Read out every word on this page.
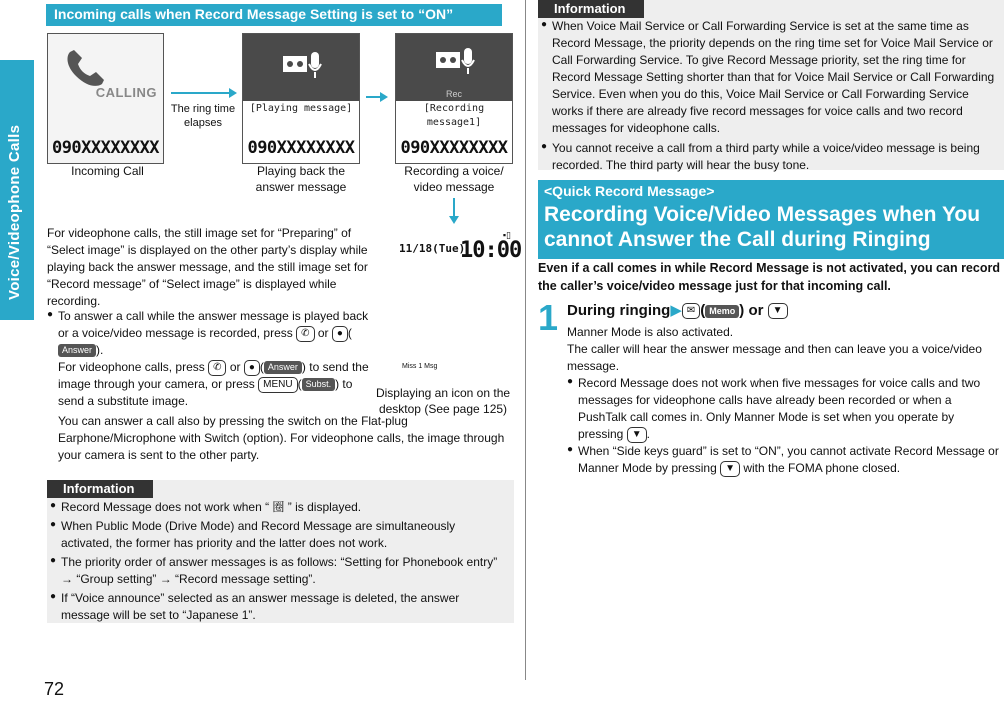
Voice/Videophone Calls
72
Incoming calls when Record Message Setting is set to “ON”
CALLING
090XXXXXXXX
Incoming Call
The ring time elapses
[Playing message]
090XXXXXXXX
Playing back the answer message
Rec
[Recording message1]
090XXXXXXXX
Recording a voice/ video message
▪▯
11/18(Tue)
10:00
Miss 1 Msg
Displaying an icon on the desktop (See page 125)
For videophone calls, the still image set for “Preparing” of “Select image” is displayed on the other party’s display while playing back the answer message, and the still image set for “Record message” of “Select image” is displayed while recording.
● To answer a call while the answer message is played back or a voice/video message is recorded, press ✆ or ● (Answer ).
For videophone calls, press ✆ or ● ( Answer ) to send the image through your camera, or press MENU ( Subst. ) to send a substitute image.
You can answer a call also by pressing the switch on the Flat-plug Earphone/Microphone with Switch (option). For videophone calls, the image through your camera is sent to the other party.
Information
● Record Message does not work when “ 圈 ” is displayed.
● When Public Mode (Drive Mode) and Record Message are simultaneously activated, the former has priority and the latter does not work.
● The priority order of answer messages is as follows: “Setting for Phonebook entry” → “Group setting” → “Record message setting”.
● If “Voice announce” selected as an answer message is deleted, the answer message will be set to “Japanese 1”.
Information
● When Voice Mail Service or Call Forwarding Service is set at the same time as Record Message, the priority depends on the ring time set for Voice Mail Service or Call Forwarding Service. To give Record Message priority, set the ring time for Record Message Setting shorter than that for Voice Mail Service or Call Forwarding Service. Even when you do this, Voice Mail Service or Call Forwarding Service works if there are already five record messages for voice calls and two record messages for videophone calls.
● You cannot receive a call from a third party while a voice/video message is being recorded. The third party will hear the busy tone.
<Quick Record Message>
Recording Voice/Video Messages when You cannot Answer the Call during Ringing
Even if a call comes in while Record Message is not activated, you can record the caller’s voice/video message just for that incoming call.
1 During ringing▶ ✉ ( Memo ) or ▼
Manner Mode is also activated.
The caller will hear the answer message and then can leave you a voice/video message.
● Record Message does not work when five messages for voice calls and two messages for videophone calls have already been recorded or when a PushTalk call comes in. Only Manner Mode is set when you operate by pressing ▼ .
● When “Side keys guard” is set to “ON”, you cannot activate Record Message or Manner Mode by pressing ▼ with the FOMA phone closed.
